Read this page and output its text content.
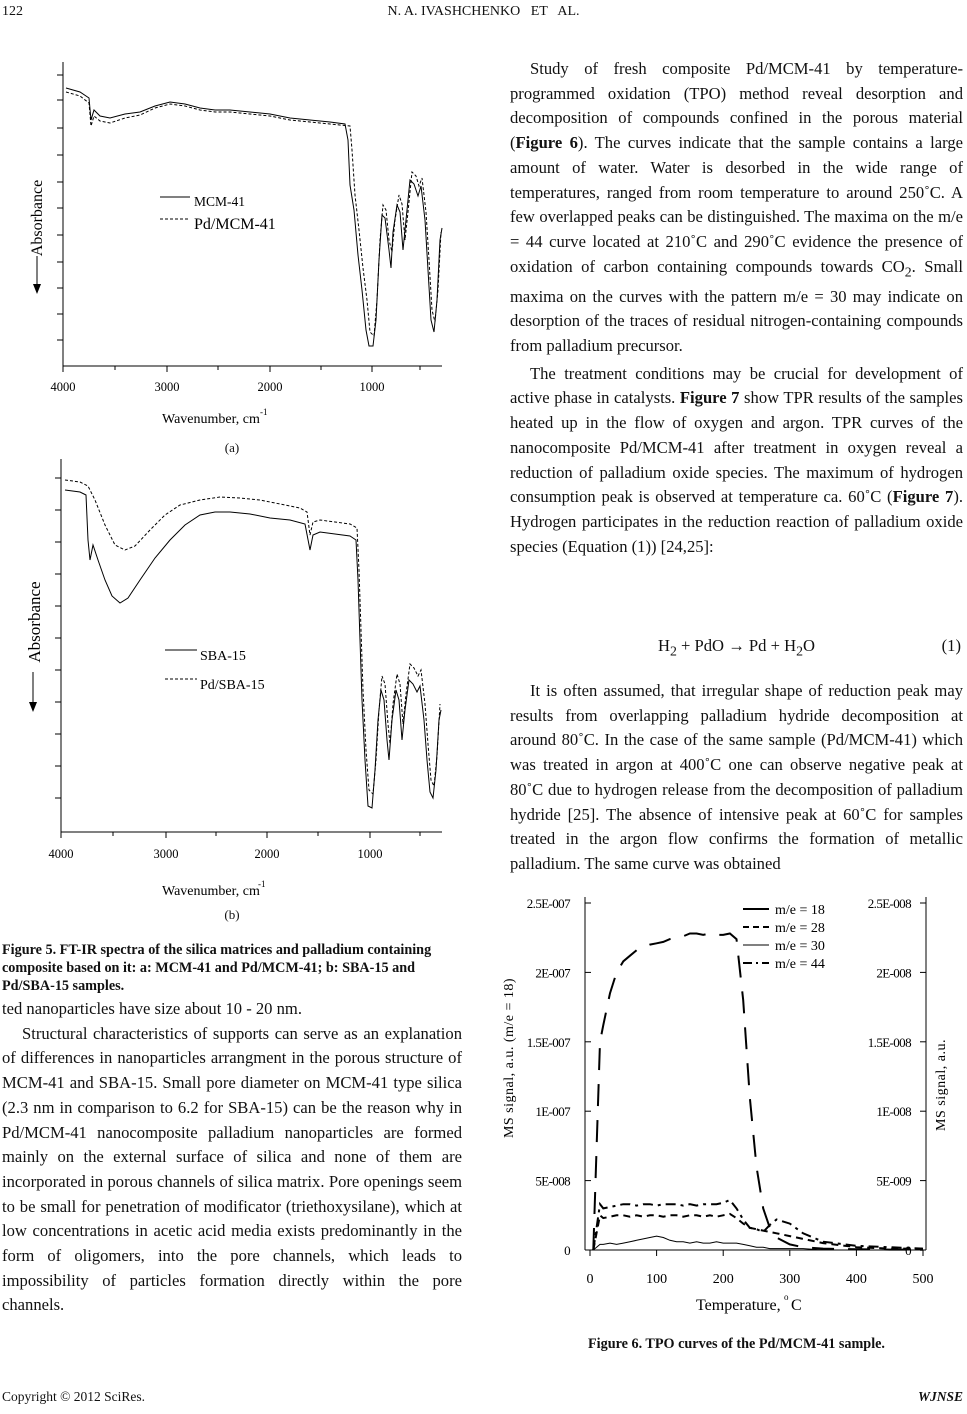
122	N. A. IVASHCHENKO   ET   AL.
MCM-41
Pd/MCM-41
Absorbance
4000	3000	2000	1000
Wavenumber, cm -1
(a)
SBA-15
Pd/SBA-15
Absorbance
4000	3000	2000	1000
Wavenumber, cm
-1
(b)
Figure 5. FT-IR spectra of the silica matrices and palladium containing composite based on it: a: MCM-41 and Pd/MCM-41; b: SBA-15 and Pd/SBA-15 samples.

ted nanoparticles have size about 10 - 20 nm.

Structural characteristics of supports can serve as an explanation of differences in nanoparticles arrangment in the porous structure of MCM-41 and SBA-15. Small pore diameter on MCM-41 type silica (2.3 nm in comparison to 6.2 for SBA-15) can be the reason why in Pd/MCM-41 nanocomposite palladium nanoparticles are formed mainly on the external surface of silica and none of them are incorporated in porous channels of silica matrix. Pore openings seem to be small for penetration of modificator (triethoxysilane), which at low concentrations in acetic acid media exists predominantly in the form of oligomers, into the pore channels, which leads to impossibility of particles formation directly within the pore channels.

Study of fresh composite Pd/MCM-41 by temperature-programmed oxidation (TPO) method reveal desorption and decomposition of compounds confined in the porous material (Figure 6). The curves indicate that the sample contains a large amount of water. Water is desorbed in the wide range of temperatures, ranged from room temperature to around 250˚C. A few overlapped peaks can be distinguished. The maxima on the m/e = 44 curve located at 210˚C and 290˚C evidence the presence of oxidation of carbon containing compounds towards $CO_2$. Small maxima on the curves with the pattern m/e = 30 may indicate on desorption of the traces of residual nitrogen-containing compounds from palladium precursor.

The treatment conditions may be crucial for development of active phase in catalysts. Figure 7 show TPR results of the samples heated up in the flow of oxygen and argon. TPR curves of the nanocomposite Pd/MCM-41 after treatment in oxygen reveal a reduction of palladium oxide species. The maximum of hydrogen consumption peak is observed at temperature ca. 60˚C (Figure 7). Hydrogen participates in the reduction reaction of palladium oxide species (Equation (1)) [24,25]:

$H_2$ + PdO → $Pd + H_2O$	(1)

It is often assumed, that irregular shape of reduction peak may results from overlapping palladium hydride decomposition at around 80˚C. In the case of the same sample (Pd/MCM-41) which was treated in argon at 400˚C one can observe negative peak at 80˚C due to hydrogen release from the decomposition of palladium hydride [25]. The absence of intensive peak at 60˚C for samples treated in the argon flow confirms the formation of metallic palladium. The same curve was obtained

0
5E-008
1E-007
1.5E-007
2E-007
2.5E-007
0
5E-009
1E-008
1.5E-008
2E-008
2.5E-008
0	100	200	300	400	500
m/e = 18
m/e = 28
m/e = 30
m/e = 44
MS signal, a.u. (m/e = 18)	MS signal, a.u.
Temperature, o C
Figure 6. TPO curves of the Pd/MCM-41 sample.
Copyright © 2012 SciRes.	WJNSE
